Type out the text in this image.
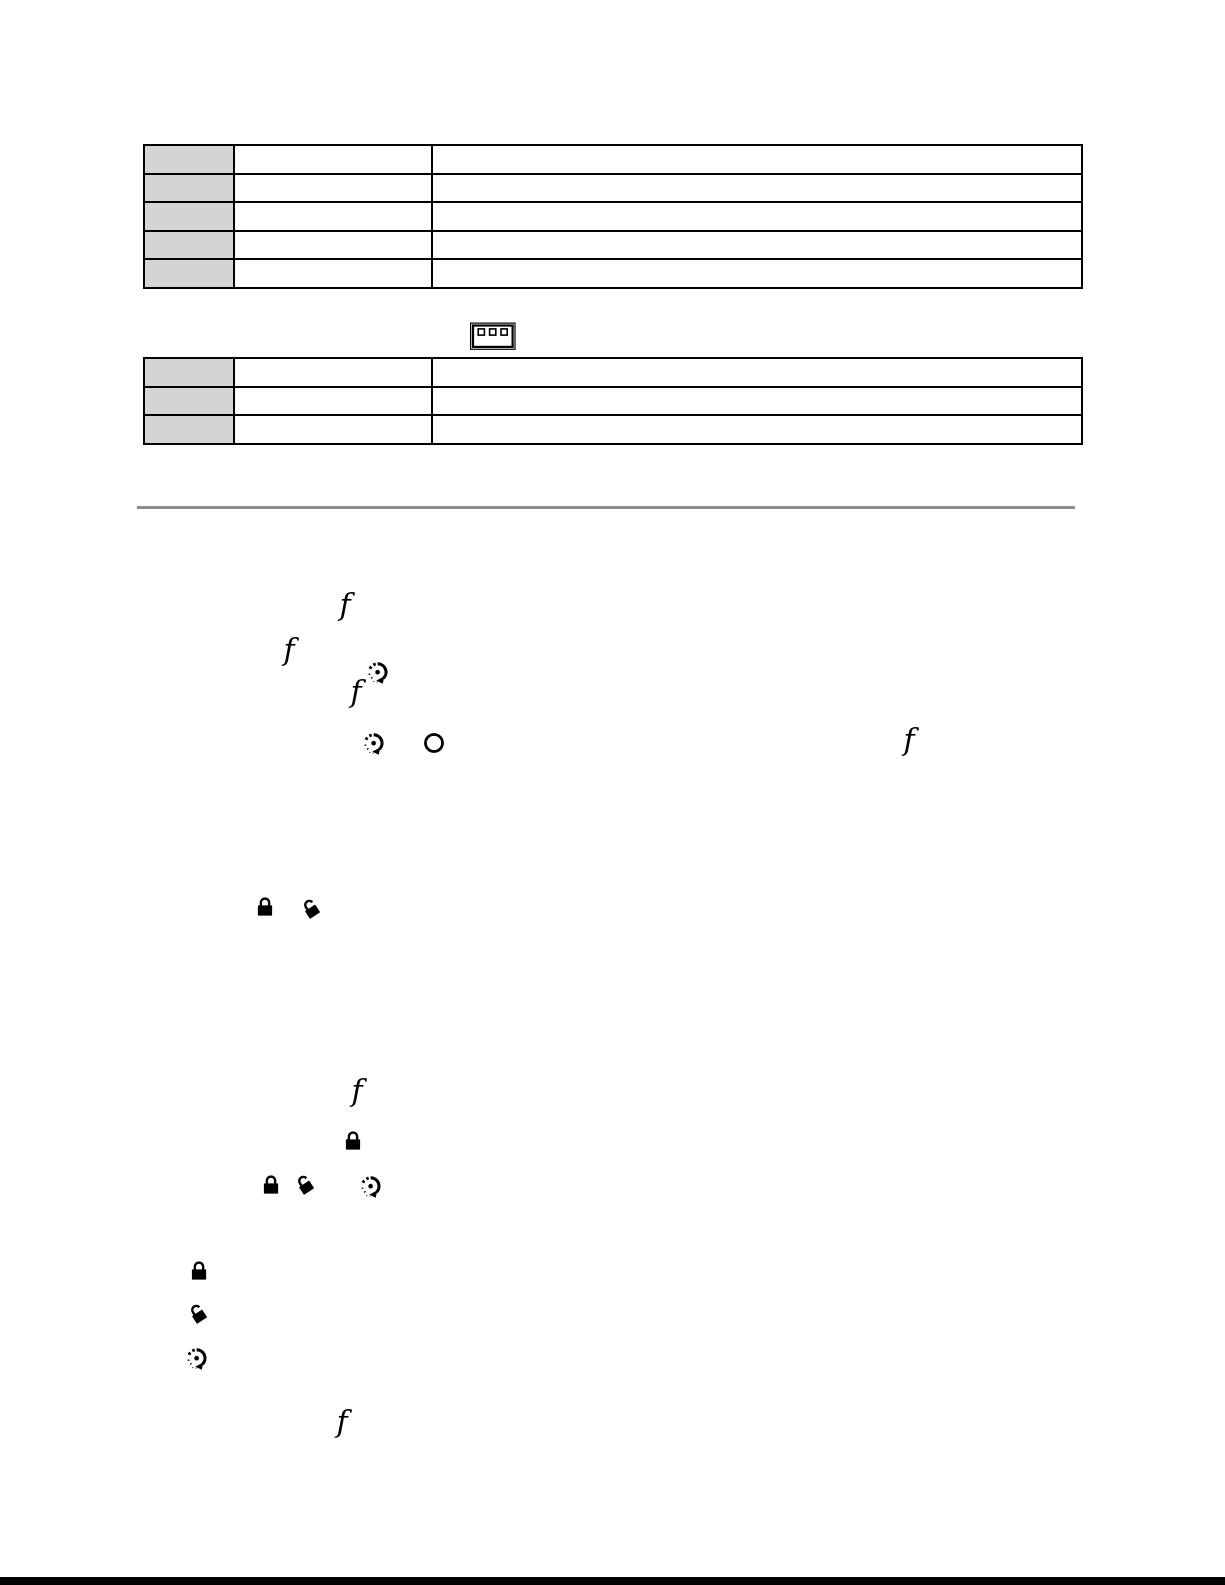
f
f
f
f
f
f
